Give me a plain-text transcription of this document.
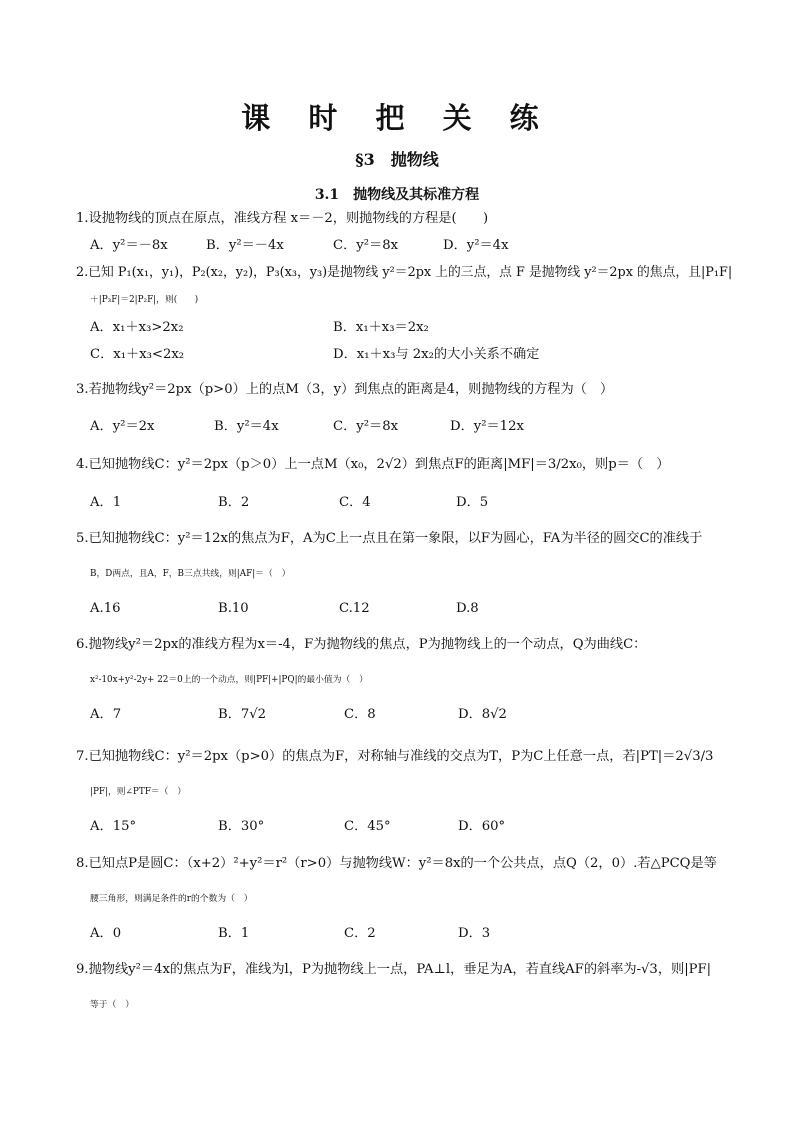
课 时 把 关 练
§3　抛物线
3.1　抛物线及其标准方程
1.设抛物线的顶点在原点，准线方程 x＝－2，则抛物线的方程是(　　)
A．y²＝－8x	B．y²＝－4x	C．y²＝8x	D．y²＝4x
2.已知 P₁(x₁，y₁)，P₂(x₂，y₂)，P₃(x₃，y₃)是抛物线 y²＝2px 上的三点，点 F 是抛物线 y²＝2px 的焦点，且|P₁F|
＋|P₃F|＝2|P₂F|，则(　　)
A．x₁＋x₃>2x₂	B．x₁＋x₃＝2x₂
C．x₁＋x₃<2x₂	D．x₁＋x₃与 2x₂的大小关系不确定
3.若抛物线y²＝2px（p>0）上的点M（3，y）到焦点的距离是4，则抛物线的方程为（　）
A．y²＝2x	B．y²＝4x	C．y²＝8x	D．y²＝12x
4.已知抛物线C：y²＝2px（p＞0）上一点M（x₀，2√2）到焦点F的距离|MF|＝3/2x₀，则p＝（　）
A．1	B．2	C．4	D．5
5.已知抛物线C：y²＝12x的焦点为F，A为C上一点且在第一象限，以F为圆心，FA为半径的圆交C的准线于
B，D两点，且A，F，B三点共线，则|AF|＝（　）
A.16	B.10	C.12	D.8
6.抛物线y²＝2px的准线方程为x＝-4，F为抛物线的焦点，P为抛物线上的一个动点，Q为曲线C：
x²-10x+y²-2y+ 22＝0上的一个动点，则|PF|+|PQ|的最小值为（　）
A．7	B．7√2	C．8	D．8√2
7.已知抛物线C：y²＝2px（p>0）的焦点为F，对称轴与准线的交点为T，P为C上任意一点，若|PT|＝2√3/3
|PF|，则∠PTF＝（　）
A．15°	B．30°	C．45°	D．60°
8.已知点P是圆C：（x+2）²+y²＝r²（r>0）与抛物线W：y²＝8x的一个公共点，点Q（2，0）.若△PCQ是等
腰三角形，则满足条件的r的个数为（　）
A．0	B．1	C．2	D．3
9.抛物线y²＝4x的焦点为F，准线为l，P为抛物线上一点，PA⊥l，垂足为A，若直线AF的斜率为-√3，则|PF|
等于（　）
